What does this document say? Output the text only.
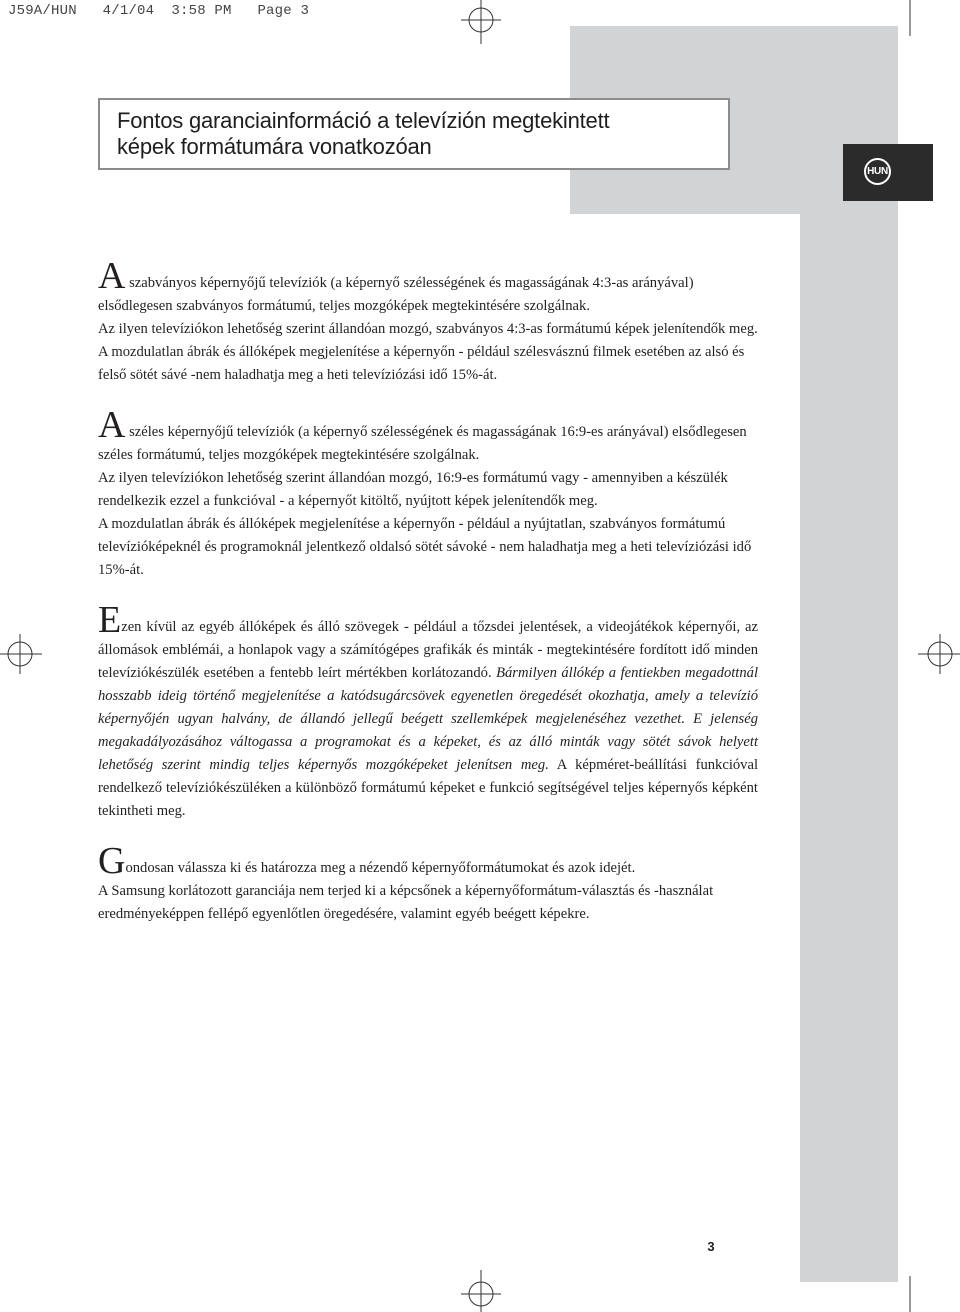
J59A/HUN   4/1/04  3:58 PM   Page 3
Fontos garanciainformáció a televízión megtekintett
képek formátumára vonatkozóan
HUN
A szabványos képernyőjű televíziók (a képernyő szélességének és magasságának 4:3-as arányával) elsődlegesen szabványos formátumú, teljes mozgóképek megtekintésére szolgálnak.
Az ilyen televíziókon lehetőség szerint állandóan mozgó, szabványos 4:3-as formátumú képek jelenítendők meg. A mozdulatlan ábrák és állóképek megjelenítése a képernyőn - például szélesvásznú filmek esetében az alsó és felső sötét sávé -nem haladhatja meg a heti televíziózási idő 15%-át.
A széles képernyőjű televíziók (a képernyő szélességének és magasságának 16:9-es arányával) elsődlegesen széles formátumú, teljes mozgóképek megtekintésére szolgálnak.
Az ilyen televíziókon lehetőség szerint állandóan mozgó, 16:9-es formátumú vagy - amennyiben a készülék rendelkezik ezzel a funkcióval - a képernyőt kitöltő, nyújtott képek jelenítendők meg.
A mozdulatlan ábrák és állóképek megjelenítése a képernyőn - például a nyújtatlan, szabványos formátumú televízióképeknél és programoknál jelentkező oldalsó sötét sávoké - nem haladhatja meg a heti televíziózási idő 15%-át.
Ezen kívül az egyéb állóképek és álló szövegek - például a tőzsdei jelentések, a videojátékok képernyői, az állomások emblémái, a honlapok vagy a számítógépes grafikák és minták - megtekintésére fordított idő minden televíziókészülék esetében a fentebb leírt mértékben korlátozandó. Bármilyen állókép a fentiekben megadottnál hosszabb ideig történő megjelenítése a katódsugárcsövek egyenetlen öregedését okozhatja, amely a televízió képernyőjén ugyan halvány, de állandó jellegű beégett szellemképek megjelenéséhez vezethet. E jelenség megakadályozásához váltogassa a programokat és a képeket, és az álló minták vagy sötét sávok helyett lehetőség szerint mindig teljes képernyős mozgóképeket jelenítsen meg. A képméret-beállítási funkcióval rendelkező televíziókészüléken a különböző formátumú képeket e funkció segítségével teljes képernyős képként tekintheti meg.
Gondosan válassza ki és határozza meg a nézendő képernyőformátumokat és azok idejét.
A Samsung korlátozott garanciája nem terjed ki a képcsőnek a képernyőformátum-választás és -használat eredményeképpen fellépő egyenlőtlen öregedésére, valamint egyéb beégett képekre.
3
